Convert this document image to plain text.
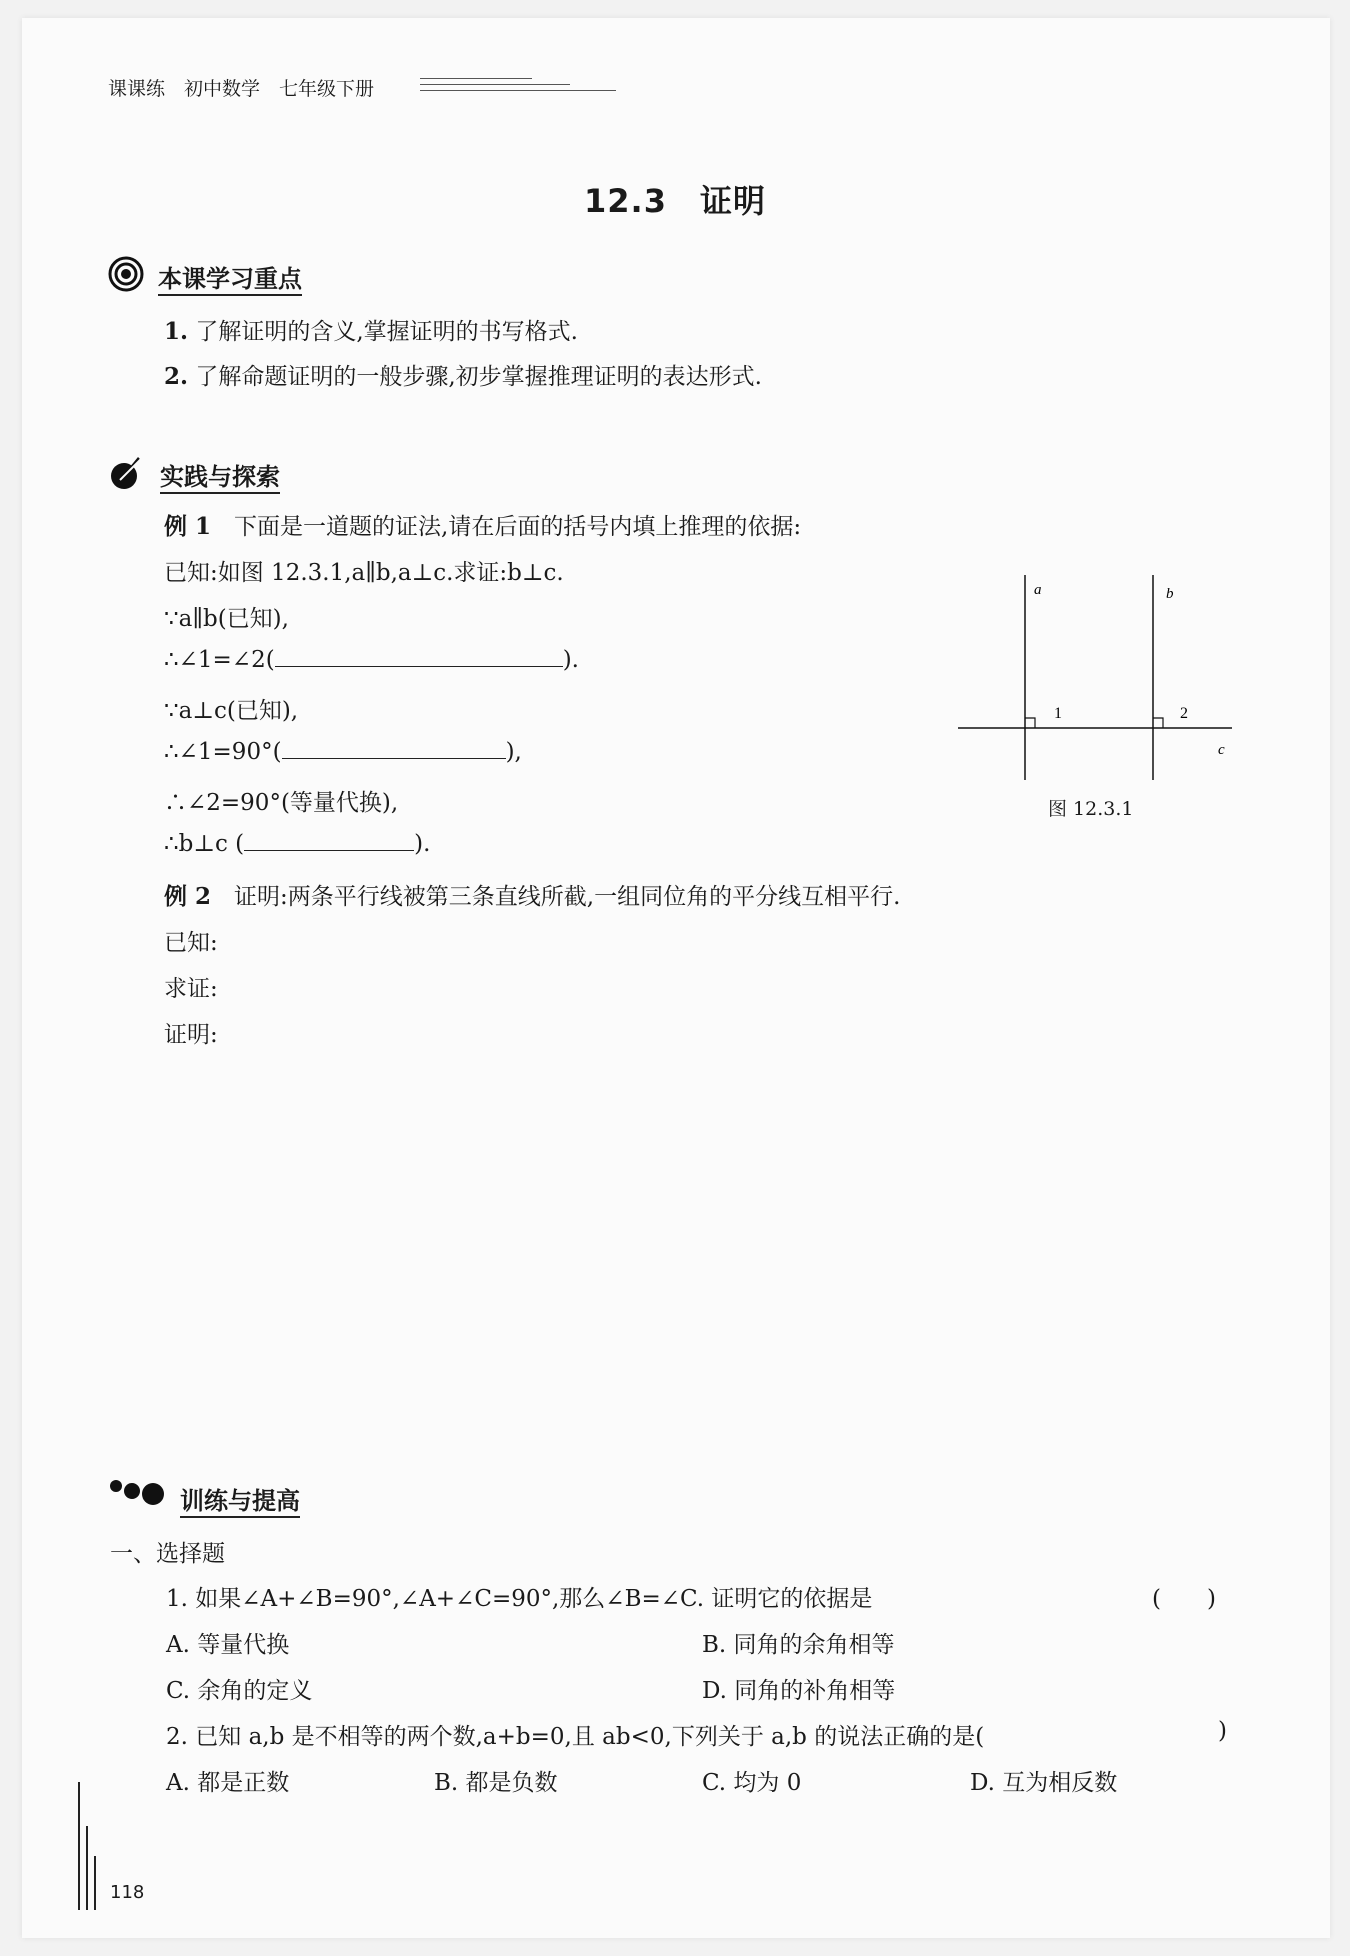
课课练　初中数学　七年级下册
12.3　证明
本课学习重点
1. 了解证明的含义,掌握证明的书写格式.
2. 了解命题证明的一般步骤,初步掌握推理证明的表达形式.
实践与探索
例 1　 下面是一道题的证法,请在后面的括号内填上推理的依据:
已知:如图 12.3.1,a∥b,a⊥c.求证:b⊥c.
∵a∥b(已知),
∴∠1=∠2(	).
∵a⊥c(已知),
∴∠1=90°(	),
∴∠2=90°(等量代换),
∴b⊥c (	).
a	b
c
1	2
图 12.3.1
例 2　 证明:两条平行线被第三条直线所截,一组同位角的平分线互相平行.
已知:
求证:
证明:
训练与提高
一、选择题
1. 如果∠A+∠B=90°,∠A+∠C=90°,那么∠B=∠C. 证明它的依据是	(　　)
A. 等量代换	B. 同角的余角相等
C. 余角的定义	D. 同角的补角相等
2. 已知 a,b 是不相等的两个数,a+b=0,且 ab<0,下列关于 a,b 的说法正确的是(	)
A. 都是正数	B. 都是负数	C. 均为 0	D. 互为相反数
118
